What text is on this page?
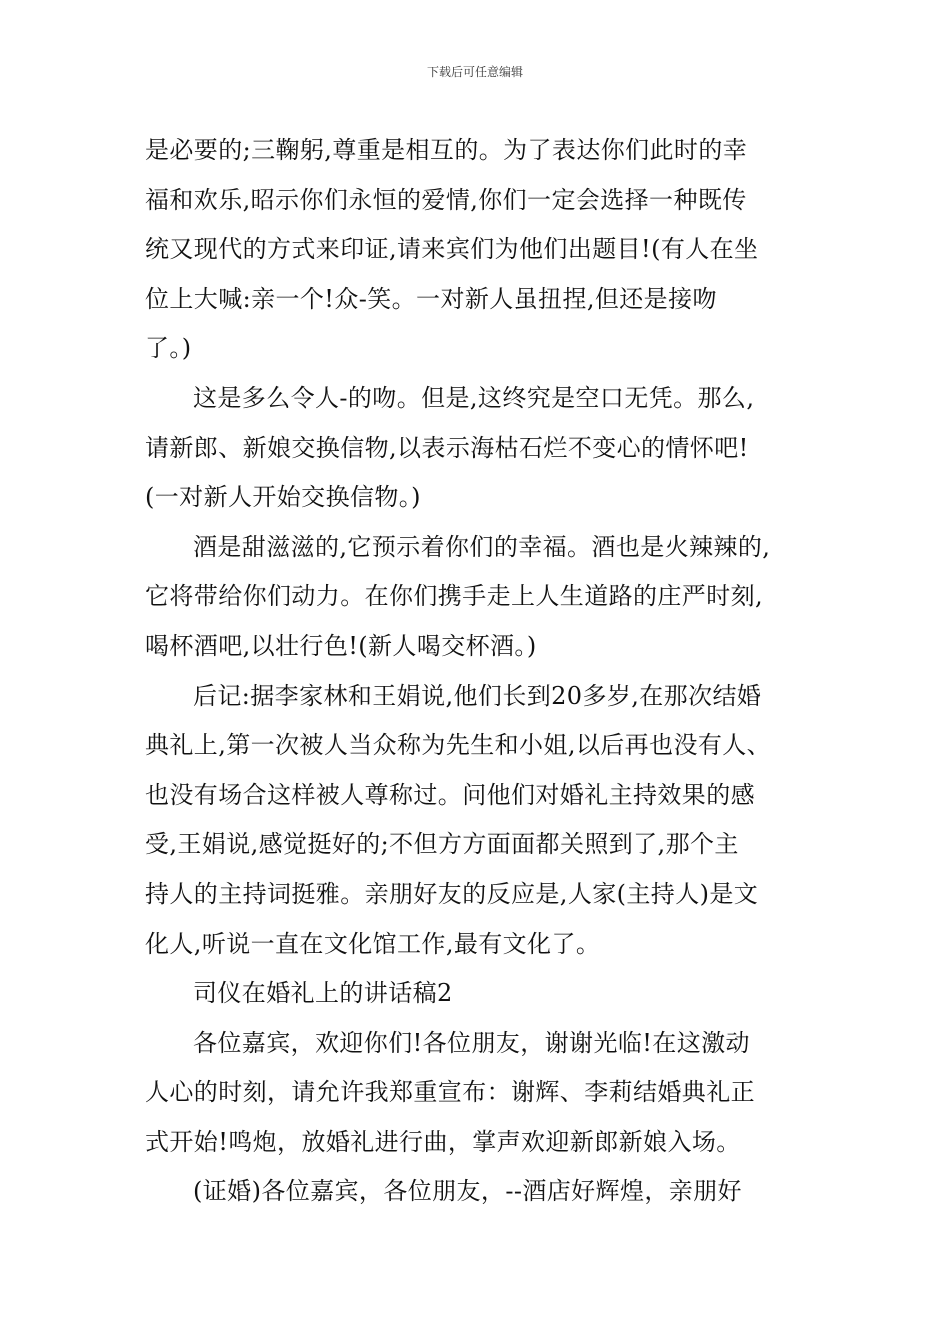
下载后可任意编辑
是必要的;三鞠躬,尊重是相互的。为了表达你们此时的幸
福和欢乐,昭示你们永恒的爱情,你们一定会选择一种既传
统又现代的方式来印证,请来宾们为他们出题目!(有人在坐
位上大喊:亲一个!众-笑。一对新人虽扭捏,但还是接吻
了。)
这是多么令人-的吻。但是,这终究是空口无凭。那么,
请新郎、新娘交换信物,以表示海枯石烂不变心的情怀吧!
(一对新人开始交换信物。)
酒是甜滋滋的,它预示着你们的幸福。酒也是火辣辣的,
它将带给你们动力。在你们携手走上人生道路的庄严时刻,
喝杯酒吧,以壮行色!(新人喝交杯酒。)
后记:据李家林和王娟说,他们长到20多岁,在那次结婚
典礼上,第一次被人当众称为先生和小姐,以后再也没有人、
也没有场合这样被人尊称过。问他们对婚礼主持效果的感
受,王娟说,感觉挺好的;不但方方面面都关照到了,那个主
持人的主持词挺雅。亲朋好友的反应是,人家(主持人)是文
化人,听说一直在文化馆工作,最有文化了。
司仪在婚礼上的讲话稿2
各位嘉宾，欢迎你们!各位朋友，谢谢光临!在这激动
人心的时刻，请允许我郑重宣布：谢辉、李莉结婚典礼正
式开始!鸣炮，放婚礼进行曲，掌声欢迎新郎新娘入场。
(证婚)各位嘉宾，各位朋友，--酒店好辉煌，亲朋好
